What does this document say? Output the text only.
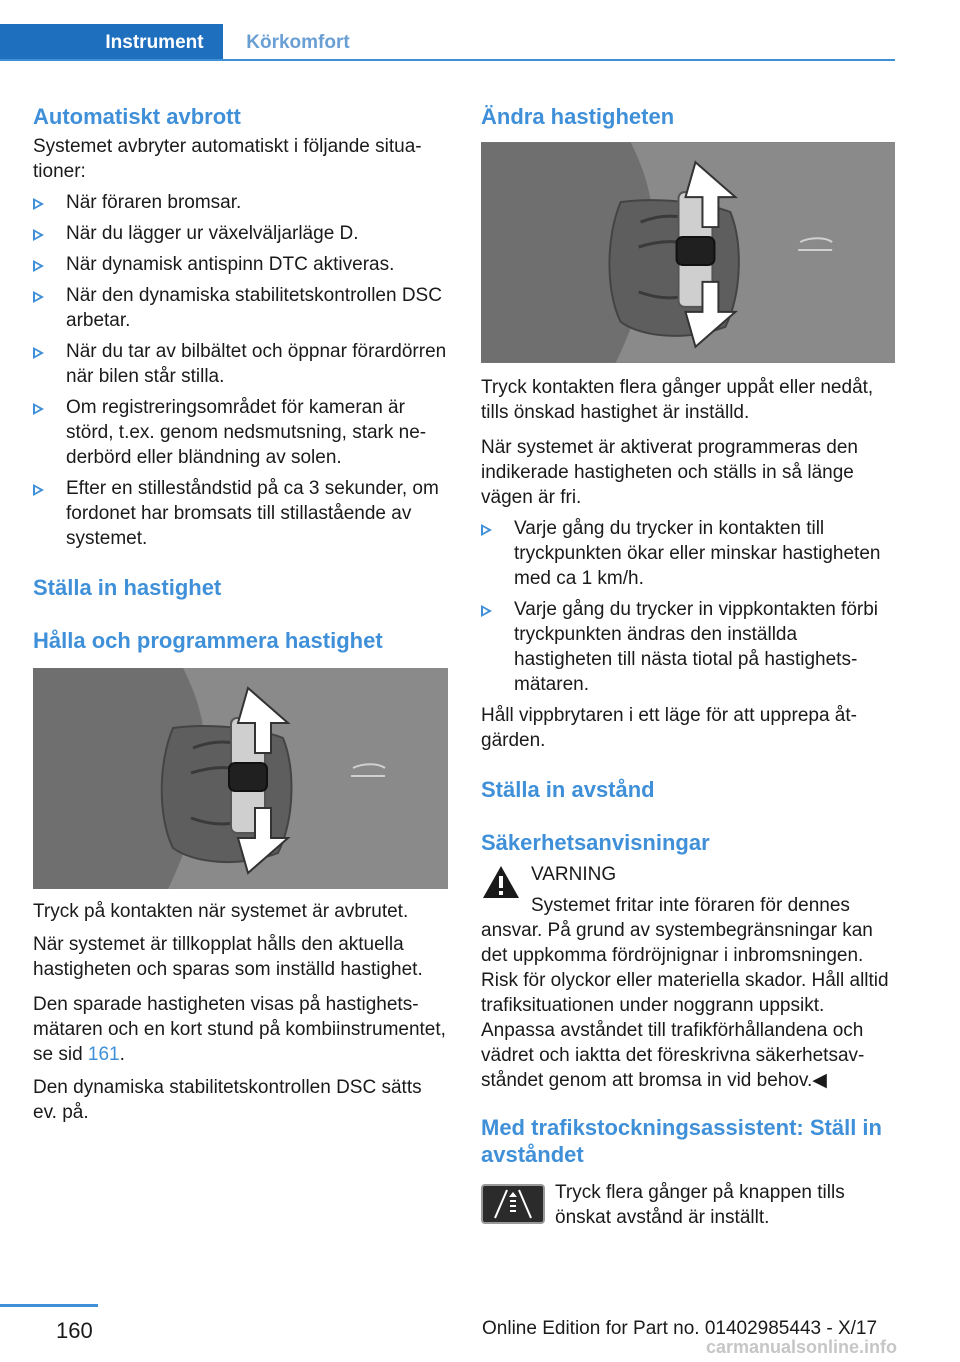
Instrument	Körkomfort
Automatiskt avbrott

Systemet avbryter automatiskt i följande situationer:

När föraren bromsar.
När du lägger ur växelväljarläge D.
När dynamisk antispinn DTC aktiveras.
När den dynamiska stabilitetskontrollen DSC arbetar.
När du tar av bilbältet och öppnar förardörren när bilen står stilla.
Om registreringsområdet för kameran är störd, t.ex. genom nedsmutsning, stark nederbörd eller bländning av solen.
Efter en stilleståndstid på ca 3 sekunder, om fordonet har bromsats till stillastående av systemet.
Ställa in hastighet
Hålla och programmera hastighet

Tryck på kontakten när systemet är avbrutet.

När systemet är tillkopplat hålls den aktuella hastigheten och sparas som inställd hastighet.

Den sparade hastigheten visas på hastighetsmätaren och en kort stund på kombiinstrumentet, se sid 161.

Den dynamiska stabilitetskontrollen DSC sätts ev. på.

Ändra hastigheten

Tryck kontakten flera gånger uppåt eller nedåt, tills önskad hastighet är inställd.

När systemet är aktiverat programmeras den indikerade hastigheten och ställs in så länge vägen är fri.

Varje gång du trycker in kontakten till tryckpunkten ökar eller minskar hastigheten med ca 1 km/h.
Varje gång du trycker in vippkontakten förbi tryckpunkten ändras den inställda hastigheten till nästa tiotal på hastighetsmätaren.

Håll vippbrytaren i ett läge för att upprepa åtgärden.

Ställa in avstånd
Säkerhetsanvisningar

VARNING

Systemet fritar inte föraren för dennes

ansvar. På grund av systembegränsningar kan det uppkomma fördröjnignar i inbromsningen. Risk för olyckor eller materiella skador. Håll alltid trafiksituationen under noggrann uppsikt. Anpassa avståndet till trafikförhållandena och vädret och iaktta det föreskrivna säkerhetsavståndet genom att bromsa in vid behov.◀

Med trafikstockningsassistent: Ställ in avståndet

Tryck flera gånger på knappen tills önskat avstånd är inställt.

160	Online Edition for Part no. 01402985443 - X/17
carmanualsonline.info
